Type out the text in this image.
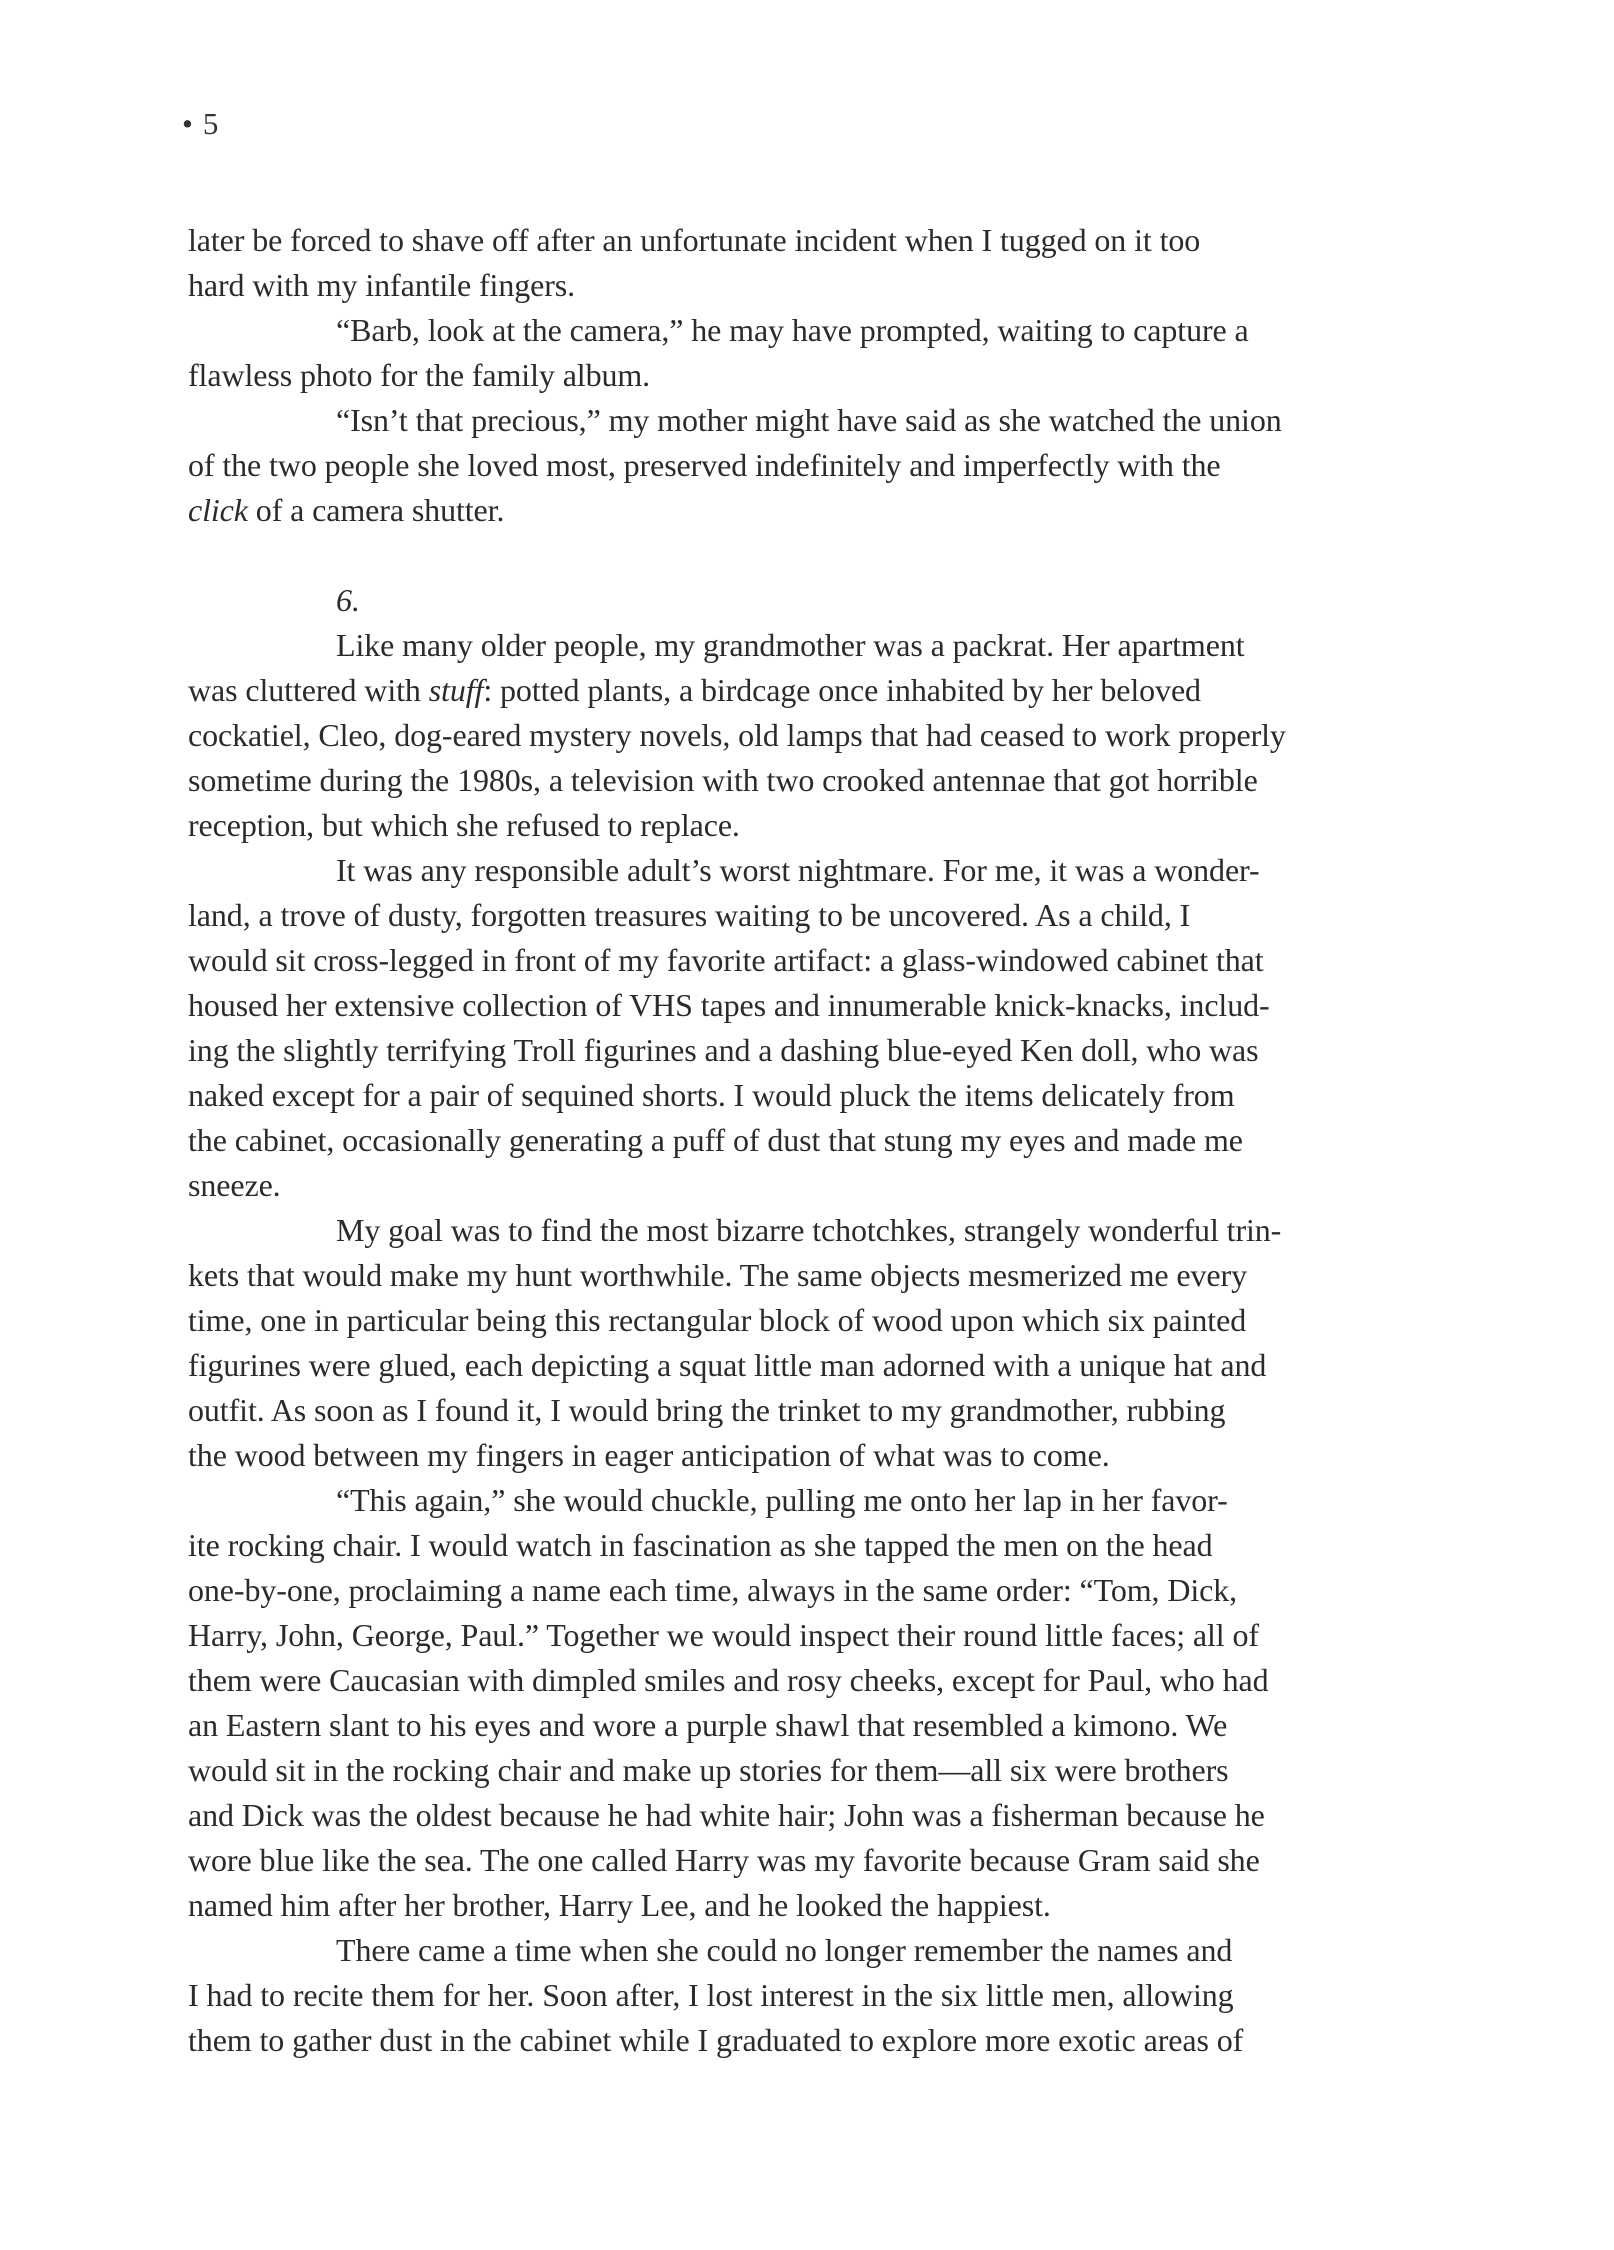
• 5
later be forced to shave off after an unfortunate incident when I tugged on it too
hard with my infantile fingers.
“Barb, look at the camera,” he may have prompted, waiting to capture a
flawless photo for the family album.
“Isn’t that precious,” my mother might have said as she watched the union
of the two people she loved most, preserved indefinitely and imperfectly with the
click of a camera shutter.
6.
Like many older people, my grandmother was a packrat. Her apartment
was cluttered with stuff: potted plants, a birdcage once inhabited by her beloved
cockatiel, Cleo, dog-eared mystery novels, old lamps that had ceased to work properly
sometime during the 1980s, a television with two crooked antennae that got horrible
reception, but which she refused to replace.
It was any responsible adult’s worst nightmare. For me, it was a wonder-
land, a trove of dusty, forgotten treasures waiting to be uncovered. As a child, I
would sit cross-legged in front of my favorite artifact: a glass-windowed cabinet that
housed her extensive collection of VHS tapes and innumerable knick-knacks, includ-
ing the slightly terrifying Troll figurines and a dashing blue-eyed Ken doll, who was
naked except for a pair of sequined shorts. I would pluck the items delicately from
the cabinet, occasionally generating a puff of dust that stung my eyes and made me
sneeze.
My goal was to find the most bizarre tchotchkes, strangely wonderful trin-
kets that would make my hunt worthwhile. The same objects mesmerized me every
time, one in particular being this rectangular block of wood upon which six painted
figurines were glued, each depicting a squat little man adorned with a unique hat and
outfit. As soon as I found it, I would bring the trinket to my grandmother, rubbing
the wood between my fingers in eager anticipation of what was to come.
“This again,” she would chuckle, pulling me onto her lap in her favor-
ite rocking chair. I would watch in fascination as she tapped the men on the head
one-by-one, proclaiming a name each time, always in the same order: “Tom, Dick,
Harry, John, George, Paul.” Together we would inspect their round little faces; all of
them were Caucasian with dimpled smiles and rosy cheeks, except for Paul, who had
an Eastern slant to his eyes and wore a purple shawl that resembled a kimono. We
would sit in the rocking chair and make up stories for them—all six were brothers
and Dick was the oldest because he had white hair; John was a fisherman because he
wore blue like the sea. The one called Harry was my favorite because Gram said she
named him after her brother, Harry Lee, and he looked the happiest.
There came a time when she could no longer remember the names and
I had to recite them for her. Soon after, I lost interest in the six little men, allowing
them to gather dust in the cabinet while I graduated to explore more exotic areas of
